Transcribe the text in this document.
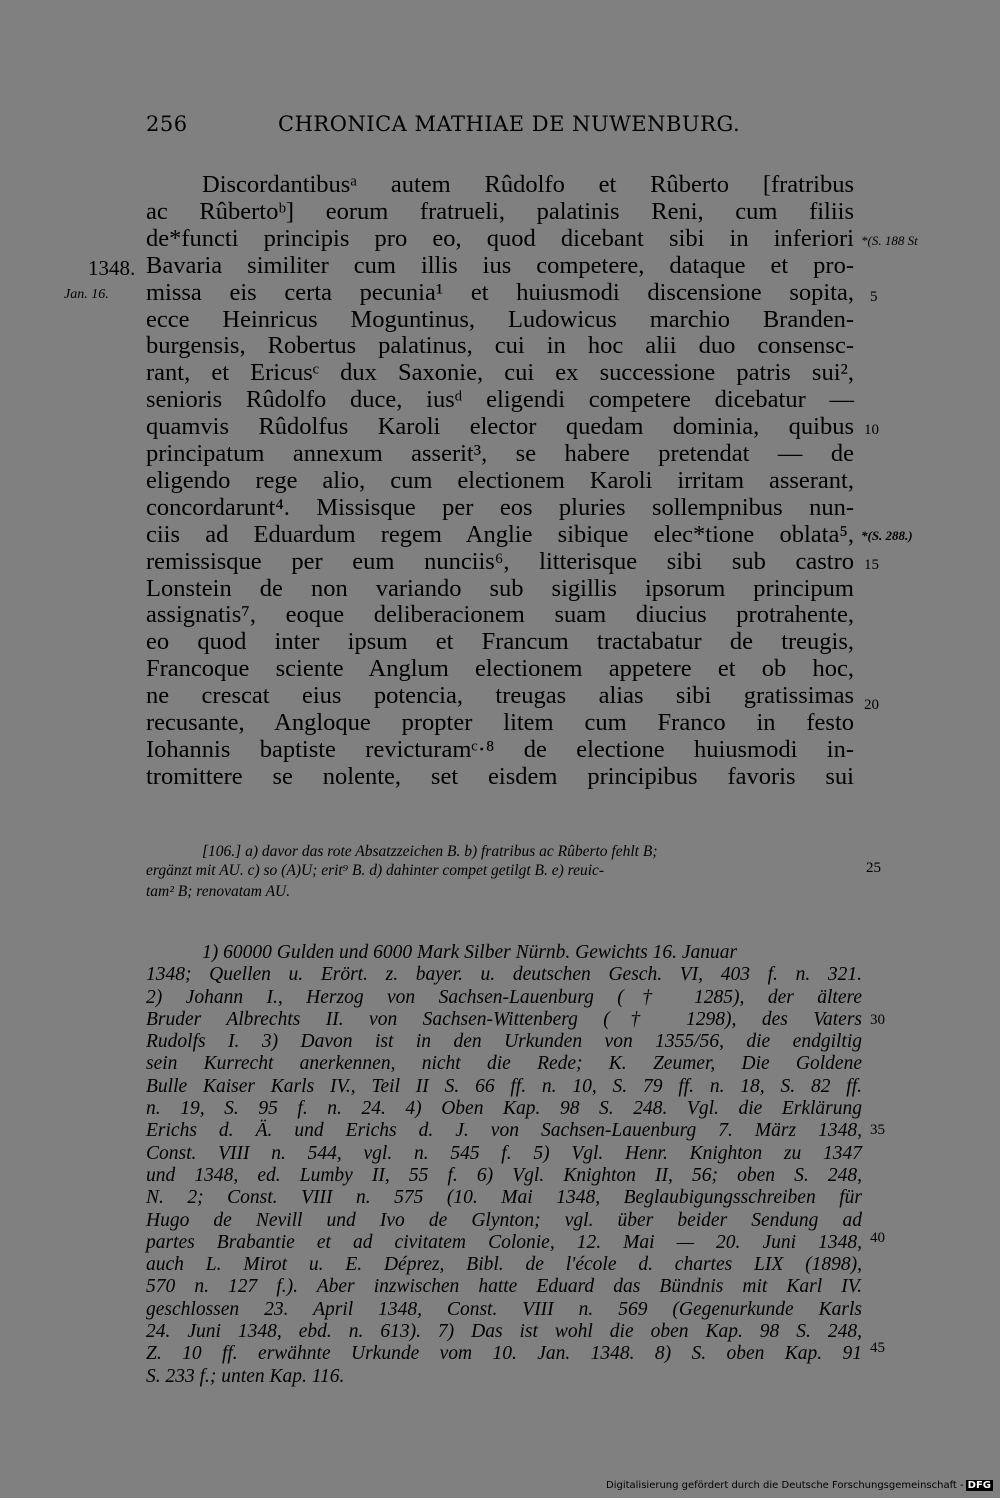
256	CHRONICA MATHIAE DE NUWENBURG.
Discordantibusᵃ autem Rûdolfo et Rûberto [fratribus
ac Rûbertoᵇ] eorum fratrueli, palatinis Reni, cum filiis
de*functi principis pro eo, quod dicebant sibi in inferiori
Bavaria similiter cum illis ius competere, dataque et pro-
missa eis certa pecunia¹ et huiusmodi discensione sopita,
ecce Heinricus Moguntinus, Ludowicus marchio Branden-
burgensis, Robertus palatinus, cui in hoc alii duo consensc-
rant, et Ericusᶜ dux Saxonie, cui ex successione patris sui²,
senioris Rûdolfo duce, iusᵈ eligendi competere dicebatur —
quamvis Rûdolfus Karoli elector quedam dominia, quibus
principatum annexum asserit³, se habere pretendat — de
eligendo rege alio, cum electionem Karoli irritam asserant,
concordarunt⁴. Missisque per eos pluries sollempnibus nun-
ciis ad Eduardum regem Anglie sibique elec*tione oblata⁵,
remissisque per eum nunciis⁶, litterisque sibi sub castro
Lonstein de non variando sub sigillis ipsorum principum
assignatis⁷, eoque deliberacionem suam diucius protrahente,
eo quod inter ipsum et Francum tractabatur de treugis,
Francoque sciente Anglum electionem appetere et ob hoc,
ne crescat eius potencia, treugas alias sibi gratissimas
recusante, Angloque propter litem cum Franco in festo
Iohannis baptiste revicturamᶜ·⁸ de electione huiusmodi in-
tromittere se nolente, set eisdem principibus favoris sui
1348.
Jan. 16.
*(S. 188 St
*(S. 288.)
5
10
15
20
25
30
35
40
45
[106.] a) davor das rote Absatzzeichen B. b) fratribus ac Rûberto fehlt B;
ergänzt mit AU. c) so (A)U; erit⁹ B. d) dahinter compet getilgt B. e) reuic-
tam² B; renovatam AU.
1) 60000 Gulden und 6000 Mark Silber Nürnb. Gewichts 16. Januar
1348; Quellen u. Erört. z. bayer. u. deutschen Gesch. VI, 403 f. n. 321.
2) Johann I., Herzog von Sachsen-Lauenburg († 1285), der ältere
Bruder Albrechts II. von Sachsen-Wittenberg († 1298), des Vaters
Rudolfs I. 3) Davon ist in den Urkunden von 1355/56, die endgiltig
sein Kurrecht anerkennen, nicht die Rede; K. Zeumer, Die Goldene
Bulle Kaiser Karls IV., Teil II S. 66 ff. n. 10, S. 79 ff. n. 18, S. 82 ff.
n. 19, S. 95 f. n. 24. 4) Oben Kap. 98 S. 248. Vgl. die Erklärung
Erichs d. Ä. und Erichs d. J. von Sachsen-Lauenburg 7. März 1348,
Const. VIII n. 544, vgl. n. 545 f. 5) Vgl. Henr. Knighton zu 1347
und 1348, ed. Lumby II, 55 f. 6) Vgl. Knighton II, 56; oben S. 248,
N. 2; Const. VIII n. 575 (10. Mai 1348, Beglaubigungsschreiben für
Hugo de Nevill und Ivo de Glynton; vgl. über beider Sendung ad
partes Brabantie et ad civitatem Colonie, 12. Mai — 20. Juni 1348,
auch L. Mirot u. E. Déprez, Bibl. de l'école d. chartes LIX (1898),
570 n. 127 f.). Aber inzwischen hatte Eduard das Bündnis mit Karl IV.
geschlossen 23. April 1348, Const. VIII n. 569 (Gegenurkunde Karls
24. Juni 1348, ebd. n. 613). 7) Das ist wohl die oben Kap. 98 S. 248,
Z. 10 ff. erwähnte Urkunde vom 10. Jan. 1348. 8) S. oben Kap. 91
S. 233 f.; unten Kap. 116.
Digitalisierung gefördert durch die Deutsche Forschungsgemeinschaft - DFG
